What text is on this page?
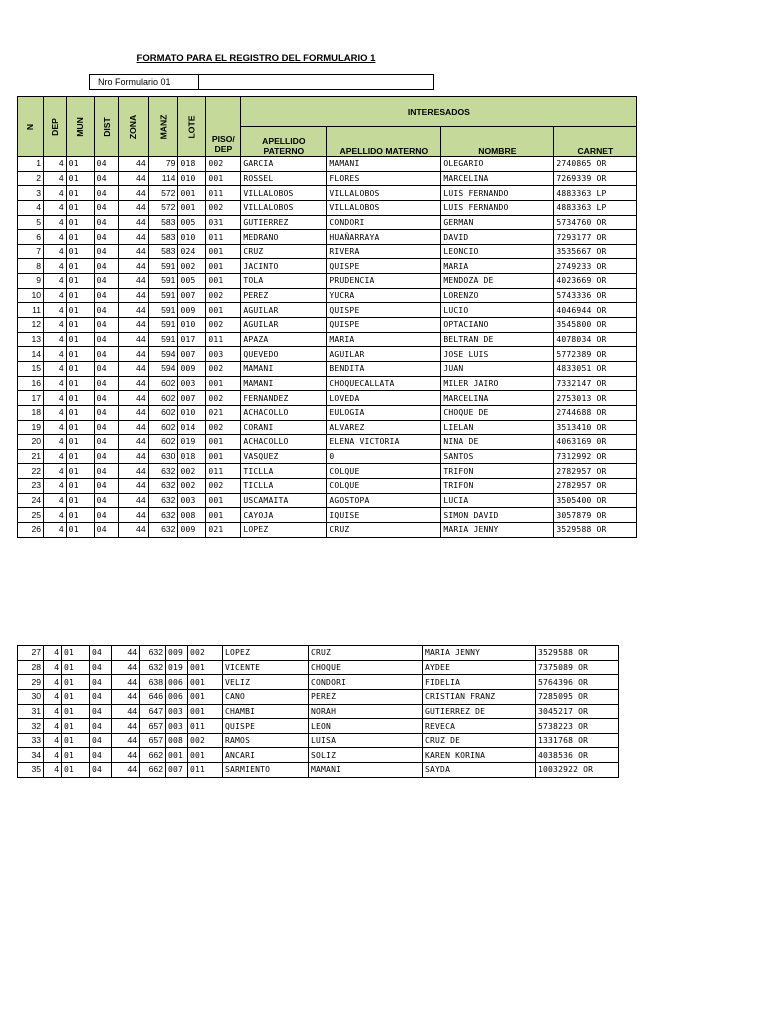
FORMATO PARA EL REGISTRO DEL FORMULARIO 1
Nro Formulario 01
N	DEP	MUN	DIST	ZONA	MANZ	LOTE	PISO/ DEP	INTERESADOS			
								APELLIDO PATERNO	APELLIDO MATERNO	NOMBRE	CARNET
1	4	01	04	44	79	018	002	GARCIA	MAMANI	OLEGARIO	2740865 OR
2	4	01	04	44	114	010	001	ROSSEL	FLORES	MARCELINA	7269339 OR
3	4	01	04	44	572	001	011	VILLALOBOS	VILLALOBOS	LUIS FERNANDO	4883363 LP
4	4	01	04	44	572	001	002	VILLALOBOS	VILLALOBOS	LUIS FERNANDO	4883363 LP
5	4	01	04	44	583	005	031	GUTIERREZ	CONDORI	GERMAN	5734760 OR
6	4	01	04	44	583	010	011	MEDRANO	HUAÑARRAYA	DAVID	7293177 OR
7	4	01	04	44	583	024	001	CRUZ	RIVERA	LEONCIO	3535667 OR
8	4	01	04	44	591	002	001	JACINTO	QUISPE	MARIA	2749233 OR
9	4	01	04	44	591	005	001	TOLA	PRUDENCIA	MENDOZA DE	4023669 OR
10	4	01	04	44	591	007	002	PEREZ	YUCRA	LORENZO	5743336 OR
11	4	01	04	44	591	009	001	AGUILAR	QUISPE	LUCIO	4046944 OR
12	4	01	04	44	591	010	002	AGUILAR	QUISPE	OPTACIANO	3545800 OR
13	4	01	04	44	591	017	011	APAZA	MARIA	BELTRAN DE	4078034 OR
14	4	01	04	44	594	007	003	QUEVEDO	AGUILAR	JOSE LUIS	5772389 OR
15	4	01	04	44	594	009	002	MAMANI	BENDITA	JUAN	4833051 OR
16	4	01	04	44	602	003	001	MAMANI	CHOQUECALLATA	MILER JAIRO	7332147 OR
17	4	01	04	44	602	007	002	FERNANDEZ	LOVEDA	MARCELINA	2753013 OR
18	4	01	04	44	602	010	021	ACHACOLLO	EULOGIA	CHOQUE DE	2744688 OR
19	4	01	04	44	602	014	002	CORANI	ALVAREZ	LIELAN	3513410 OR
20	4	01	04	44	602	019	001	ACHACOLLO	ELENA VICTORIA	NINA DE	4063169 0R
21	4	01	04	44	630	018	001	VASQUEZ	0	SANTOS	7312992 OR
22	4	01	04	44	632	002	011	TICLLA	COLQUE	TRIFON	2782957 OR
23	4	01	04	44	632	002	002	TICLLA	COLQUE	TRIFON	2782957 OR
24	4	01	04	44	632	003	001	USCAMAITA	AGOSTOPA	LUCIA	3505400 OR
25	4	01	04	44	632	008	001	CAYOJA	IQUISE	SIMON DAVID	3057879 OR
26	4	01	04	44	632	009	021	LOPEZ	CRUZ	MARIA JENNY	3529588 OR
27	4	01	04	44	632	009	002	LOPEZ	CRUZ	MARIA JENNY	3529588 OR
28	4	01	04	44	632	019	001	VICENTE	CHOQUE	AYDEE	7375089 OR
29	4	01	04	44	638	006	001	VELIZ	CONDORI	FIDELIA	5764396 OR
30	4	01	04	44	646	006	001	CANO	PEREZ	CRISTIAN FRANZ	7285095 OR
31	4	01	04	44	647	003	001	CHAMBI	NORAH	GUTIERREZ DE	3045217 OR
32	4	01	04	44	657	003	011	QUISPE	LEON	REVECA	5738223 OR
33	4	01	04	44	657	008	002	RAMOS	LUISA	CRUZ DE	1331768 OR
34	4	01	04	44	662	001	001	ANCARI	SOLIZ	KAREN KORINA	4038536 OR
35	4	01	04	44	662	007	011	SARMIENTO	MAMANI	SAYDA	10032922 OR
